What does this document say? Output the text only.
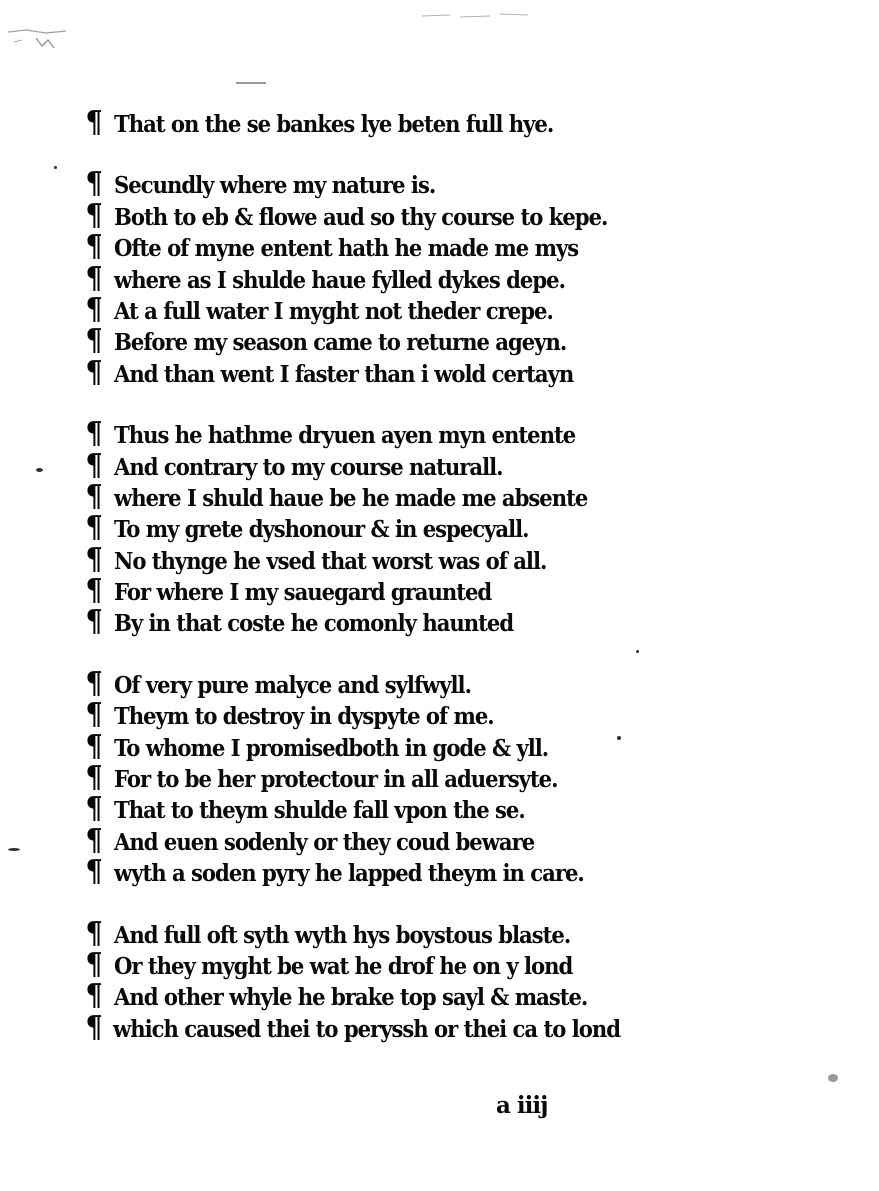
¶ That on the se bankes lye beten full hye.
¶ Secundly where my nature is.
¶ Both to eb & flowe aud so thy course to kepe.
¶ Ofte of myne entent hath he made me mys
¶ where as I shulde haue fylled dykes depe.
¶ At a full water I myght not theder crepe.
¶ Before my season came to returne ageyn.
¶ And than went I faster than i wold certayn
¶ Thus he hathme dryuen ayen myn entente
¶ And contrary to my course naturall.
¶ where I shuld haue be he made me absente
¶ To my grete dyshonour & in especyall.
¶ No thynge he vsed that worst was of all.
¶ For where I my sauegard graunted
¶ By in that coste he comonly haunted
¶ Of very pure malyce and sylfwyll.
¶ Theym to destroy in dyspyte of me.
¶ To whome I promisedboth in gode & yll.
¶ For to be her protectour in all aduersyte.
¶ That to theym shulde fall vpon the se.
¶ And euen sodenly or they coud beware
¶ wyth a soden pyry he lapped theym in care.
¶ And full oft syth wyth hys boystous blaste.
¶ Or they myght be wat he drof he on y lond
¶ And other whyle he brake top sayl & maste.
¶ which caused thei to peryssh or thei ca to lond
a iiij
